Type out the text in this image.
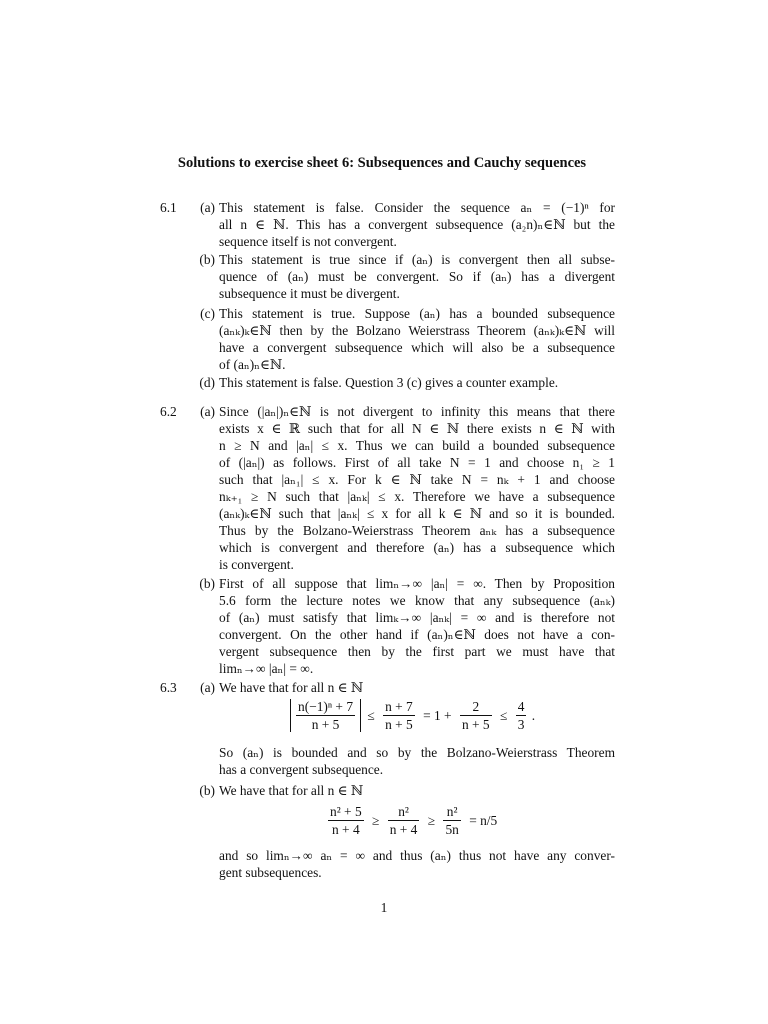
Solutions to exercise sheet 6: Subsequences and Cauchy sequences
6.1	(a) This statement is false. Consider the sequence aₙ = (−1)ⁿ for
all n ∈ ℕ. This has a convergent subsequence (a₂n)ₙ∈ℕ but the
sequence itself is not convergent.
(b) This statement is true since if (aₙ) is convergent then all subse-
quence of (aₙ) must be convergent. So if (aₙ) has a divergent
subsequence it must be divergent.
(c) This statement is true. Suppose (aₙ) has a bounded subsequence
(aₙₖ)ₖ∈ℕ then by the Bolzano Weierstrass Theorem (aₙₖ)ₖ∈ℕ will
have a convergent subsequence which will also be a subsequence
of (aₙ)ₙ∈ℕ.
(d) This statement is false. Question 3 (c) gives a counter example.
6.2	(a) Since (|aₙ|)ₙ∈ℕ is not divergent to infinity this means that there
exists x ∈ ℝ such that for all N ∈ ℕ there exists n ∈ ℕ with
n ≥ N and |aₙ| ≤ x. Thus we can build a bounded subsequence
of (|aₙ|) as follows. First of all take N = 1 and choose n₁ ≥ 1
such that |aₙ₁| ≤ x. For k ∈ ℕ take N = nₖ + 1 and choose
nₖ₊₁ ≥ N such that |aₙₖ| ≤ x. Therefore we have a subsequence
(aₙₖ)ₖ∈ℕ such that |aₙₖ| ≤ x for all k ∈ ℕ and so it is bounded.
Thus by the Bolzano-Weierstrass Theorem aₙₖ has a subsequence
which is convergent and therefore (aₙ) has a subsequence which
is convergent.
(b) First of all suppose that limₙ→∞ |aₙ| = ∞. Then by Proposition
5.6 form the lecture notes we know that any subsequence (aₙₖ)
of (aₙ) must satisfy that limₖ→∞ |aₙₖ| = ∞ and is therefore not
convergent. On the other hand if (aₙ)ₙ∈ℕ does not have a con-
vergent subsequence then by the first part we must have that
limₙ→∞ |aₙ| = ∞.
6.3	(a) We have that for all n ∈ ℕ
$\frac{\text{n(−1)ⁿ + 7}}{n + 5} \le \frac{n + 7}{n + 5} = 1 + \frac{2}{n + 5} \le \frac{4}{3}$ .
So (aₙ) is bounded and so by the Bolzano-Weierstrass Theorem
has a convergent subsequence.
(b) We have that for all n ∈ ℕ
$\frac{\text{n² + 5}}{n + 4} \ge \frac{\text{n²}}{n + 4} \ge \frac{\text{n²}}{5n} = n/5$
and so limₙ→∞ aₙ = ∞ and thus (aₙ) thus not have any conver-
gent subsequences.
1
